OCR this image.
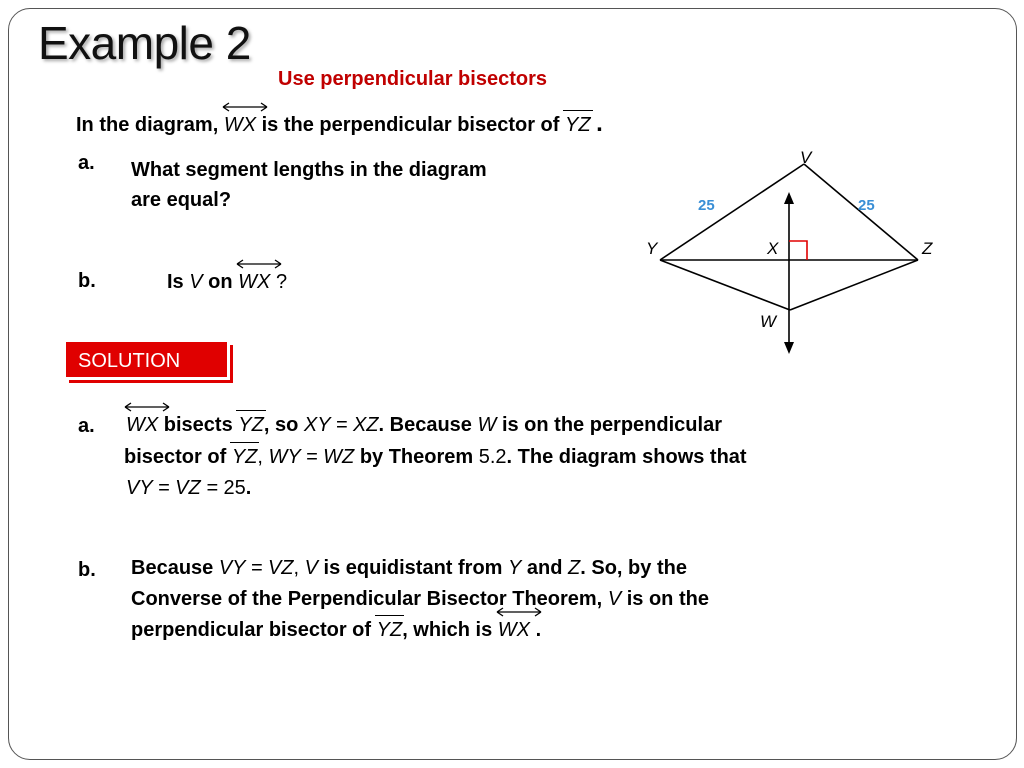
Example 2
Use perpendicular bisectors
In the diagram, WX is the perpendicular bisector of YZ .
a. What segment lengths in the diagram
are equal?
b.	Is V on WX ?
V
Y	X	Z
W
25	25
SOLUTION
a. WX bisects YZ, so XY = XZ. Because W is on the perpendicular
bisector of YZ, WY = WZ by Theorem 5.2. The diagram shows that
VY = VZ = 25.
b. Because VY = VZ, V is equidistant from Y and Z. So, by the
Converse of the Perpendicular Bisector Theorem, V is on the
perpendicular bisector of YZ, which is WX .
